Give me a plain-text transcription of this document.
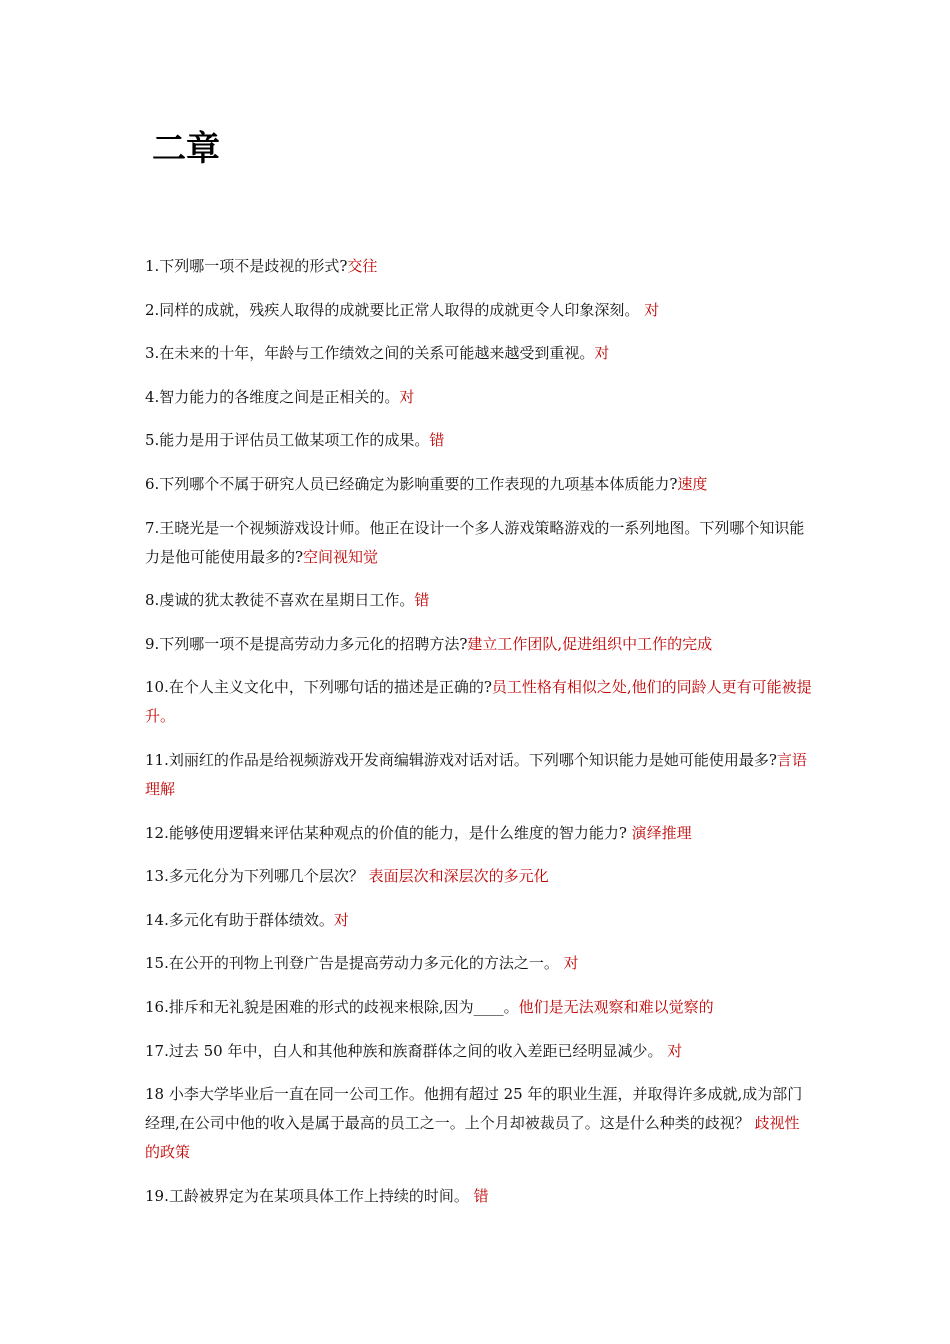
二章
1.下列哪一项不是歧视的形式?交往
2.同样的成就，残疾人取得的成就要比正常人取得的成就更令人印象深刻。 对
3.在未来的十年，年龄与工作绩效之间的关系可能越来越受到重视。对
4.智力能力的各维度之间是正相关的。对
5.能力是用于评估员工做某项工作的成果。错
6.下列哪个不属于研究人员已经确定为影响重要的工作表现的九项基本体质能力?速度
7.王晓光是一个视频游戏设计师。他正在设计一个多人游戏策略游戏的一系列地图。下列哪个知识能力是他可能使用最多的?空间视知觉
8.虔诚的犹太教徒不喜欢在星期日工作。错
9.下列哪一项不是提高劳动力多元化的招聘方法?建立工作团队,促进组织中工作的完成
10.在个人主义文化中，下列哪句话的描述是正确的?员工性格有相似之处,他们的同龄人更有可能被提升。
11.刘丽红的作品是给视频游戏开发商编辑游戏对话对话。下列哪个知识能力是她可能使用最多?言语理解
12.能够使用逻辑来评估某种观点的价值的能力，是什么维度的智力能力? 演绎推理
13.多元化分为下列哪几个层次？ 表面层次和深层次的多元化
14.多元化有助于群体绩效。对
15.在公开的刊物上刊登广告是提高劳动力多元化的方法之一。 对
16.排斥和无礼貌是困难的形式的歧视来根除,因为____。他们是无法观察和难以觉察的
17.过去 50 年中，白人和其他种族和族裔群体之间的收入差距已经明显减少。 对
18 小李大学毕业后一直在同一公司工作。他拥有超过 25 年的职业生涯，并取得许多成就,成为部门经理,在公司中他的收入是属于最高的员工之一。上个月却被裁员了。这是什么种类的歧视？ 歧视性的政策
19.工龄被界定为在某项具体工作上持续的时间。 错
